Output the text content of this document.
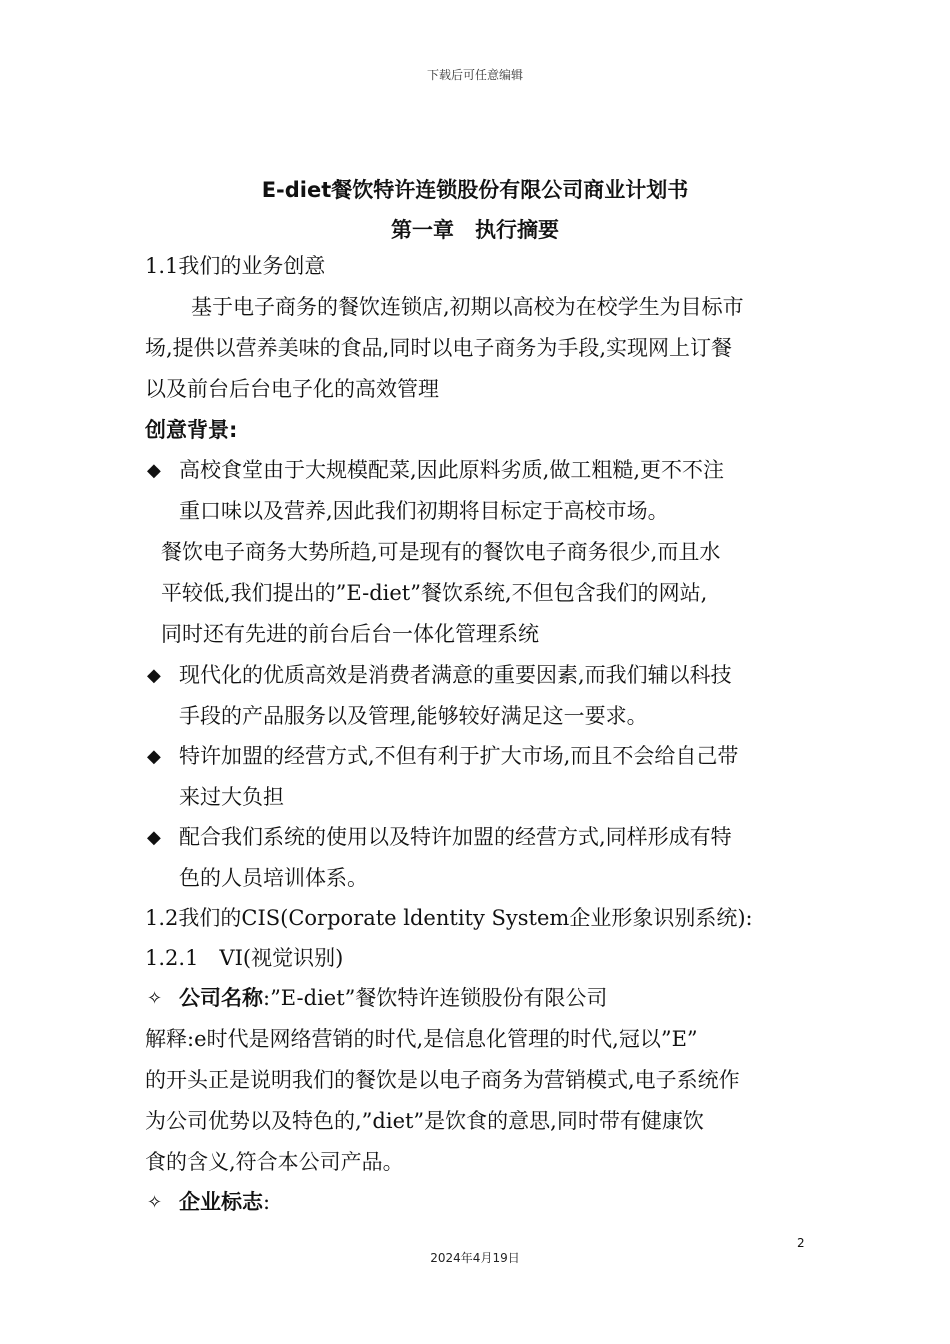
下载后可任意编辑
E-diet餐饮特许连锁股份有限公司商业计划书
第一章　执行摘要
1.1我们的业务创意
基于电子商务的餐饮连锁店,初期以高校为在校学生为目标市
场,提供以营养美味的食品,同时以电子商务为手段,实现网上订餐
以及前台后台电子化的高效管理
创意背景:
◆ 高校食堂由于大规模配菜,因此原料劣质,做工粗糙,更不不注
重口味以及营养,因此我们初期将目标定于高校市场。
餐饮电子商务大势所趋,可是现有的餐饮电子商务很少,而且水
平较低,我们提出的”E-diet”餐饮系统,不但包含我们的网站,
同时还有先进的前台后台一体化管理系统
◆ 现代化的优质高效是消费者满意的重要因素,而我们辅以科技
手段的产品服务以及管理,能够较好满足这一要求。
◆ 特许加盟的经营方式,不但有利于扩大市场,而且不会给自己带
来过大负担
◆ 配合我们系统的使用以及特许加盟的经营方式,同样形成有特
色的人员培训体系。
1.2我们的CIS(Corporate ldentity System企业形象识别系统):
1.2.1　VI(视觉识别)
✧ 公司名称:”E-diet”餐饮特许连锁股份有限公司
解释:e时代是网络营销的时代,是信息化管理的时代,冠以”E”
的开头正是说明我们的餐饮是以电子商务为营销模式,电子系统作
为公司优势以及特色的,”diet”是饮食的意思,同时带有健康饮
食的含义,符合本公司产品。
✧ 企业标志:
2
2024年4月19日
